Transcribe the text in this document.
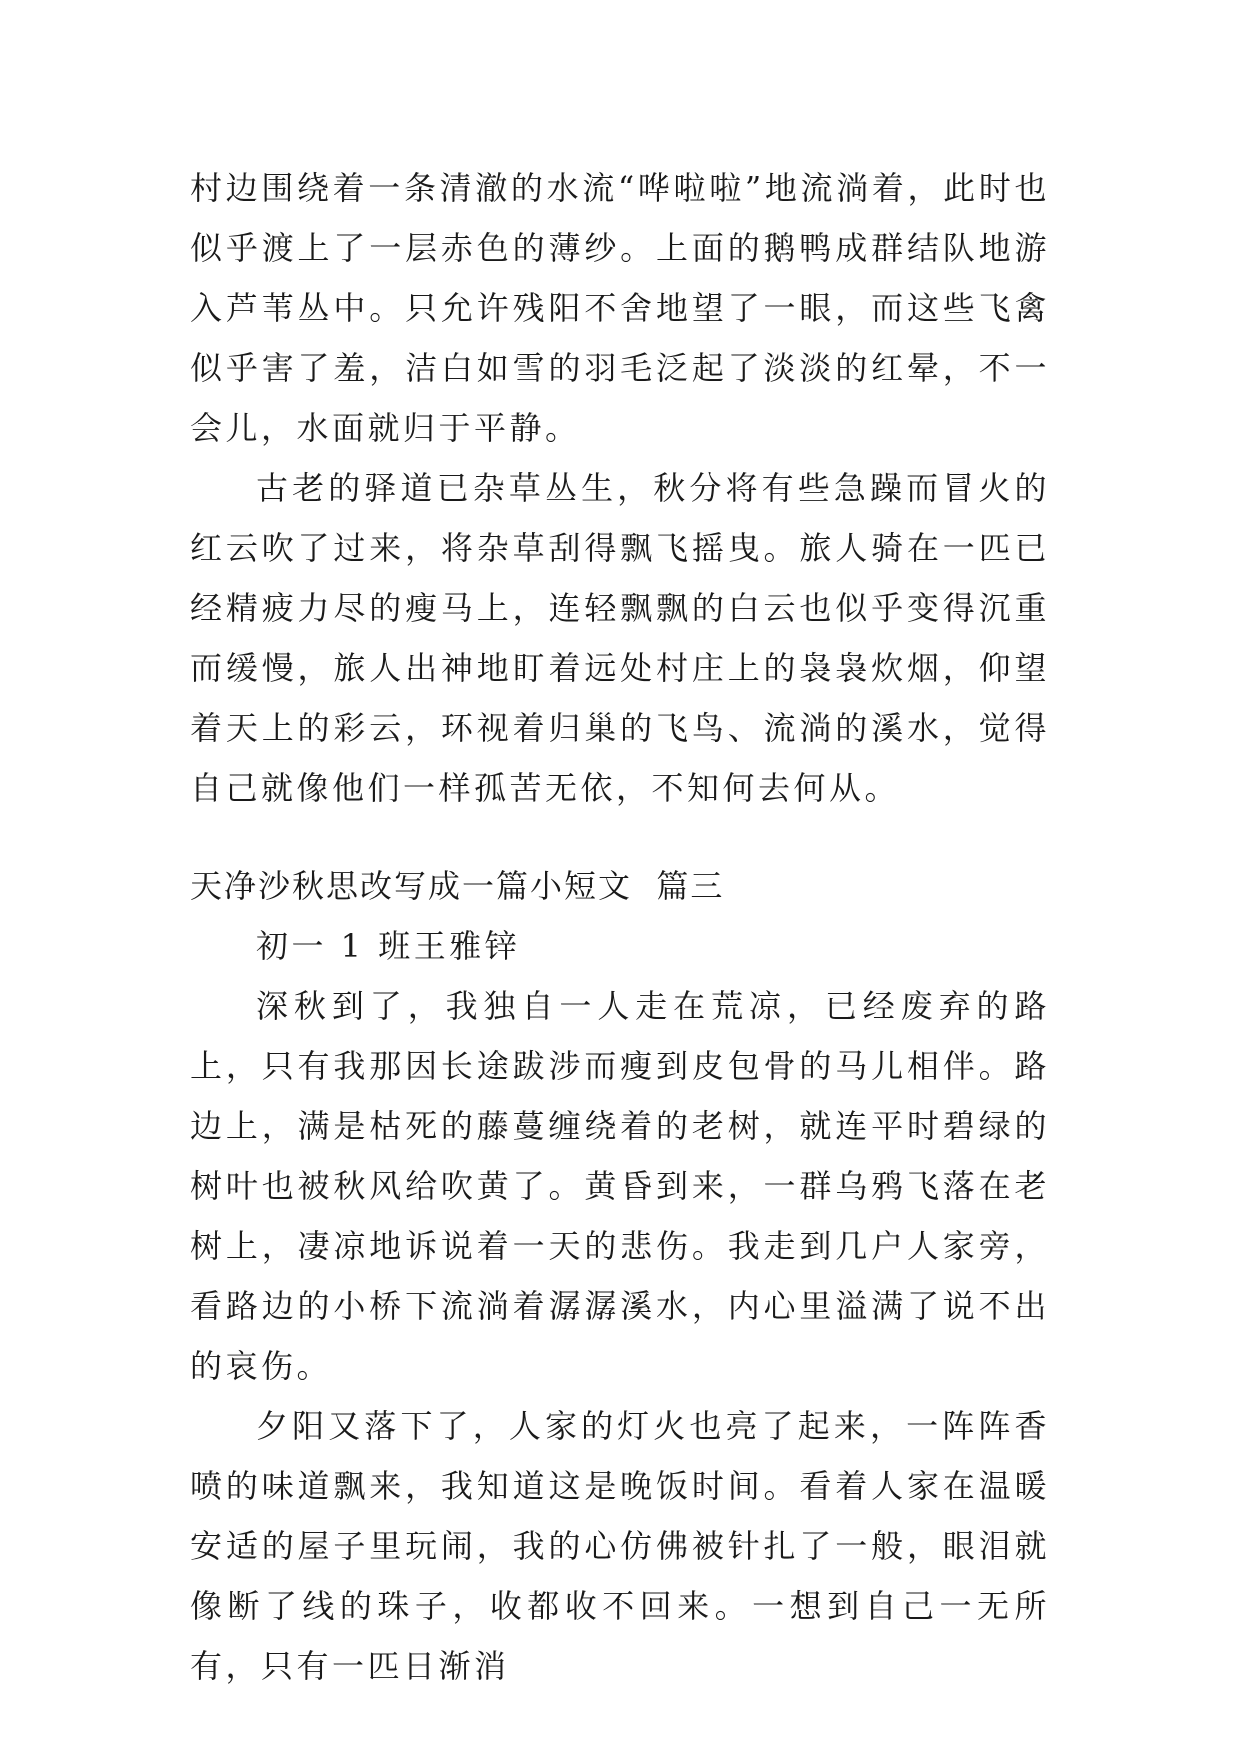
村边围绕着一条清澈的水流“哗啦啦”地流淌着，此时也似乎渡上了一层赤色的薄纱。上面的鹅鸭成群结队地游入芦苇丛中。只允许残阳不舍地望了一眼，而这些飞禽似乎害了羞，洁白如雪的羽毛泛起了淡淡的红晕，不一会儿，水面就归于平静。

古老的驿道已杂草丛生，秋分将有些急躁而冒火的红云吹了过来，将杂草刮得飘飞摇曳。旅人骑在一匹已经精疲力尽的瘦马上，连轻飘飘的白云也似乎变得沉重而缓慢，旅人出神地盯着远处村庄上的袅袅炊烟，仰望着天上的彩云，环视着归巢的飞鸟、流淌的溪水，觉得自己就像他们一样孤苦无依，不知何去何从。

天净沙秋思改写成一篇小短文  篇三

初一 1 班王雅锌

深秋到了，我独自一人走在荒凉，已经废弃的路上，只有我那因长途跋涉而瘦到皮包骨的马儿相伴。路边上，满是枯死的藤蔓缠绕着的老树，就连平时碧绿的树叶也被秋风给吹黄了。黄昏到来，一群乌鸦飞落在老树上，凄凉地诉说着一天的悲伤。我走到几户人家旁，看路边的小桥下流淌着潺潺溪水，内心里溢满了说不出的哀伤。

夕阳又落下了，人家的灯火也亮了起来，一阵阵香喷的味道飘来，我知道这是晚饭时间。看着人家在温暖安适的屋子里玩闹，我的心仿佛被针扎了一般，眼泪就像断了线的珠子，收都收不回来。一想到自己一无所有，只有一匹日渐消
